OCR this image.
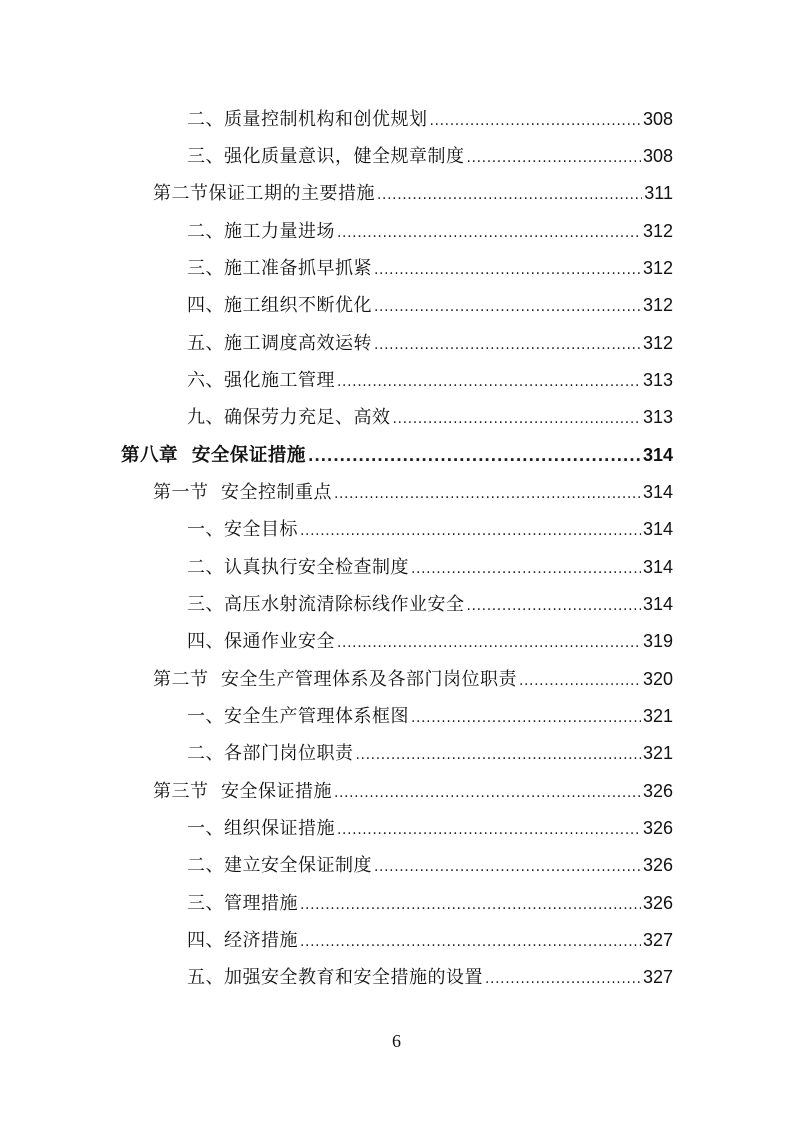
二、质量控制机构和创优规划 .....	308
三、强化质量意识，健全规章制度 .....	308
第二节保证工期的主要措施 .....	311
二、施工力量进场 .....	312
三、施工准备抓早抓紧 .....	312
四、施工组织不断优化 .....	312
五、施工调度高效运转 .....	312
六、强化施工管理 .....	313
九、确保劳力充足、高效 .....	313
第八章  安全保证措施 .....	314
第一节  安全控制重点 .....	314
一、安全目标 .....	314
二、认真执行安全检查制度 .....	314
三、高压水射流清除标线作业安全 .....	314
四、保通作业安全 .....	319
第二节  安全生产管理体系及各部门岗位职责 .....	320
一、安全生产管理体系框图 .....	321
二、各部门岗位职责 .....	321
第三节  安全保证措施 .....	326
一、组织保证措施 .....	326
二、建立安全保证制度 .....	326
三、管理措施 .....	326
四、经济措施 .....	327
五、加强安全教育和安全措施的设置 .....	327
6
